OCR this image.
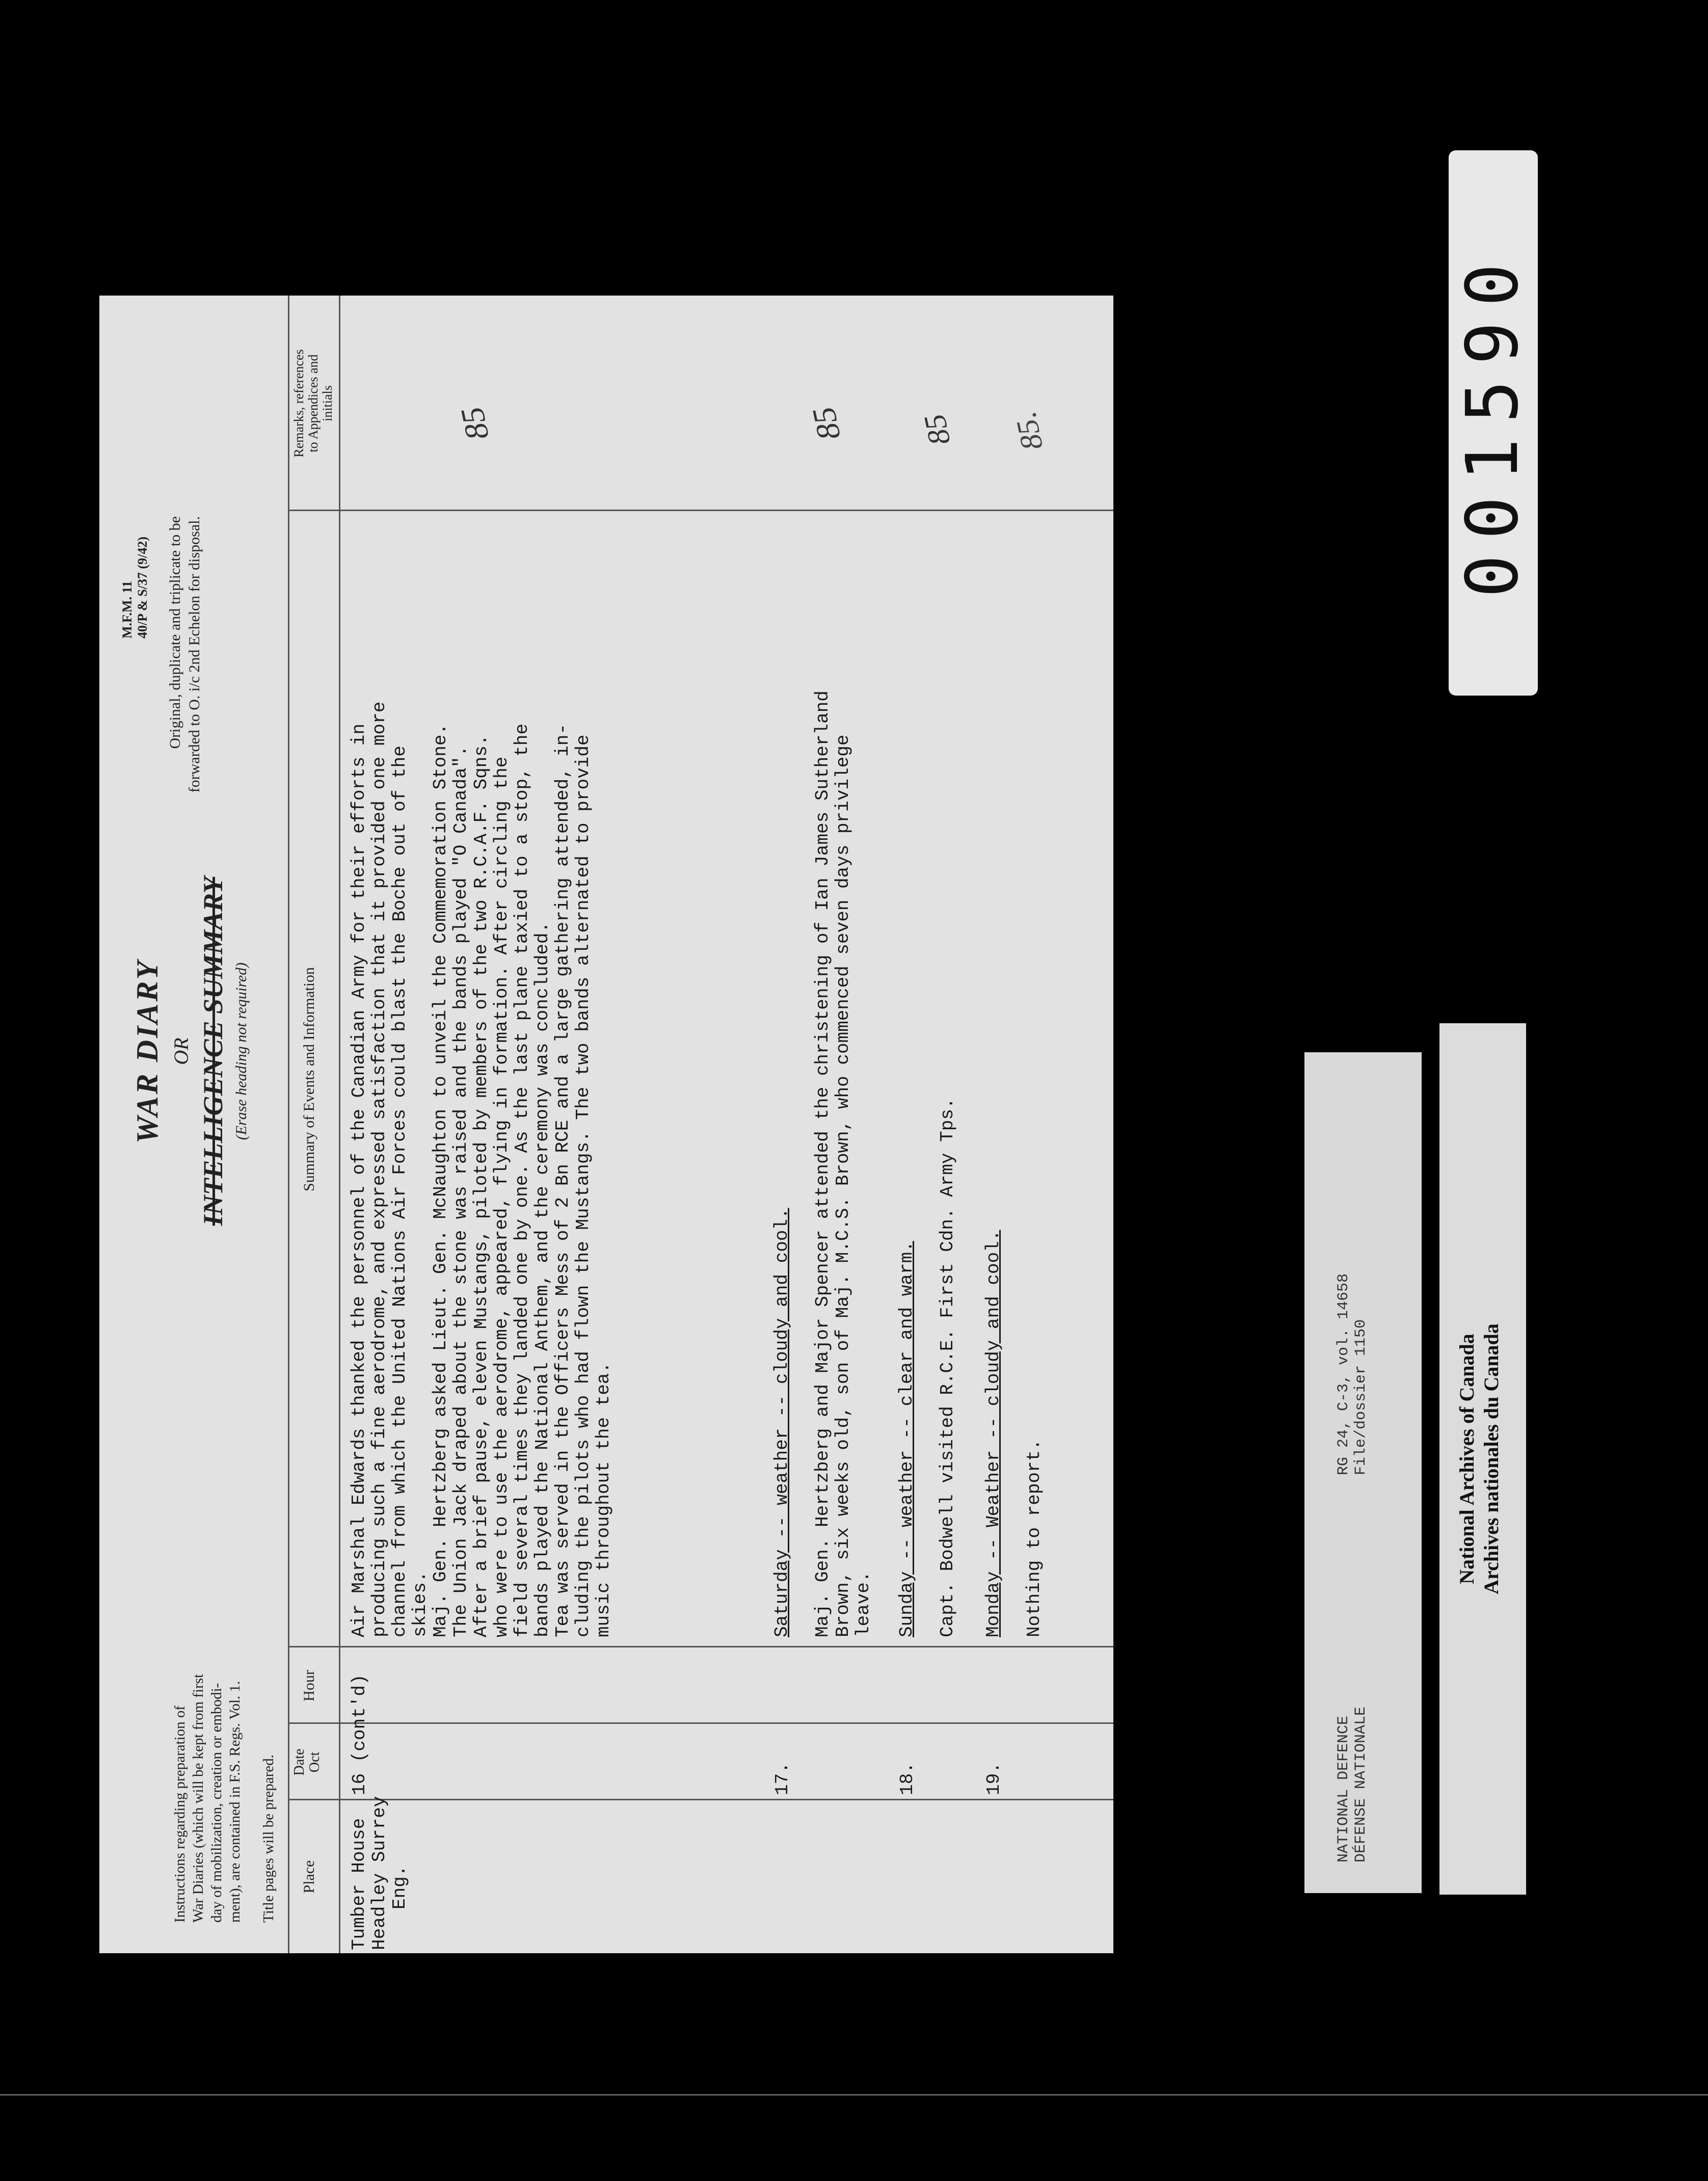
M.F.M. 11 40/P & S/37 (9/42) Original, duplicate and triplicate to be forwarded to O. i/c 2nd Echelon for disposal.
WAR DIARY OR INTELLIGENCE SUMMARY (Erase heading not required)
Instructions regarding preparation of War Diaries (which will be kept from first day of mobilization, creation or embodi- ment), are contained in F.S. Regs. Vol. 1. Title pages will be prepared. Place
Date Oct
Hour
Summary of Events and Information
Remarks, references to Appendices and initials
Tumber House Headley Surrey Eng.
16 (cont'd)
Air Marshal Edwards thanked the personnel of the Canadian Army for their efforts in producing such a fine aerodrome, and expressed satisfaction that it provided one more channel from which the United Nations Air Forces could blast the Boche out of the skies. Maj. Gen. Hertzberg asked Lieut. Gen. McNaughton to unveil the Commemoration Stone. The Union Jack draped about the stone was raised and the bands played "O Canada". After a brief pause, eleven Mustangs, piloted by members of the two R.C.A.F. Sqns. who were to use the aerodrome, appeared, flying in formation. After circling the field several times they landed one by one. As the last plane taxied to a stop, the bands played the National Anthem, and the ceremony was concluded. Tea was served in the Officers Mess of 2 Bn RCE and a large gathering attended, in- cluding the pilots who had flown the Mustangs. The two bands alternated to provide music throughout the tea.
85
17.
Saturday -- weather -- cloudy and cool. Maj. Gen. Hertzberg and Major Spencer attended the christening of Ian James Sutherland Brown, six weeks old, son of Maj. M.C.S. Brown, who commenced seven days privilege leave.
85
18.
Sunday -- weather -- clear and warm. Capt. Bodwell visited R.C.E. First Cdn. Army Tps.
85
19.
Monday -- Weather -- cloudy and cool. Nothing to report.
85.
NATIONAL DEFENCE DÉFENSE NATIONALE
RG 24, C-3, vol. 14658 File/dossier 1150	National Archives of Canada Archives nationales du Canada
001590
